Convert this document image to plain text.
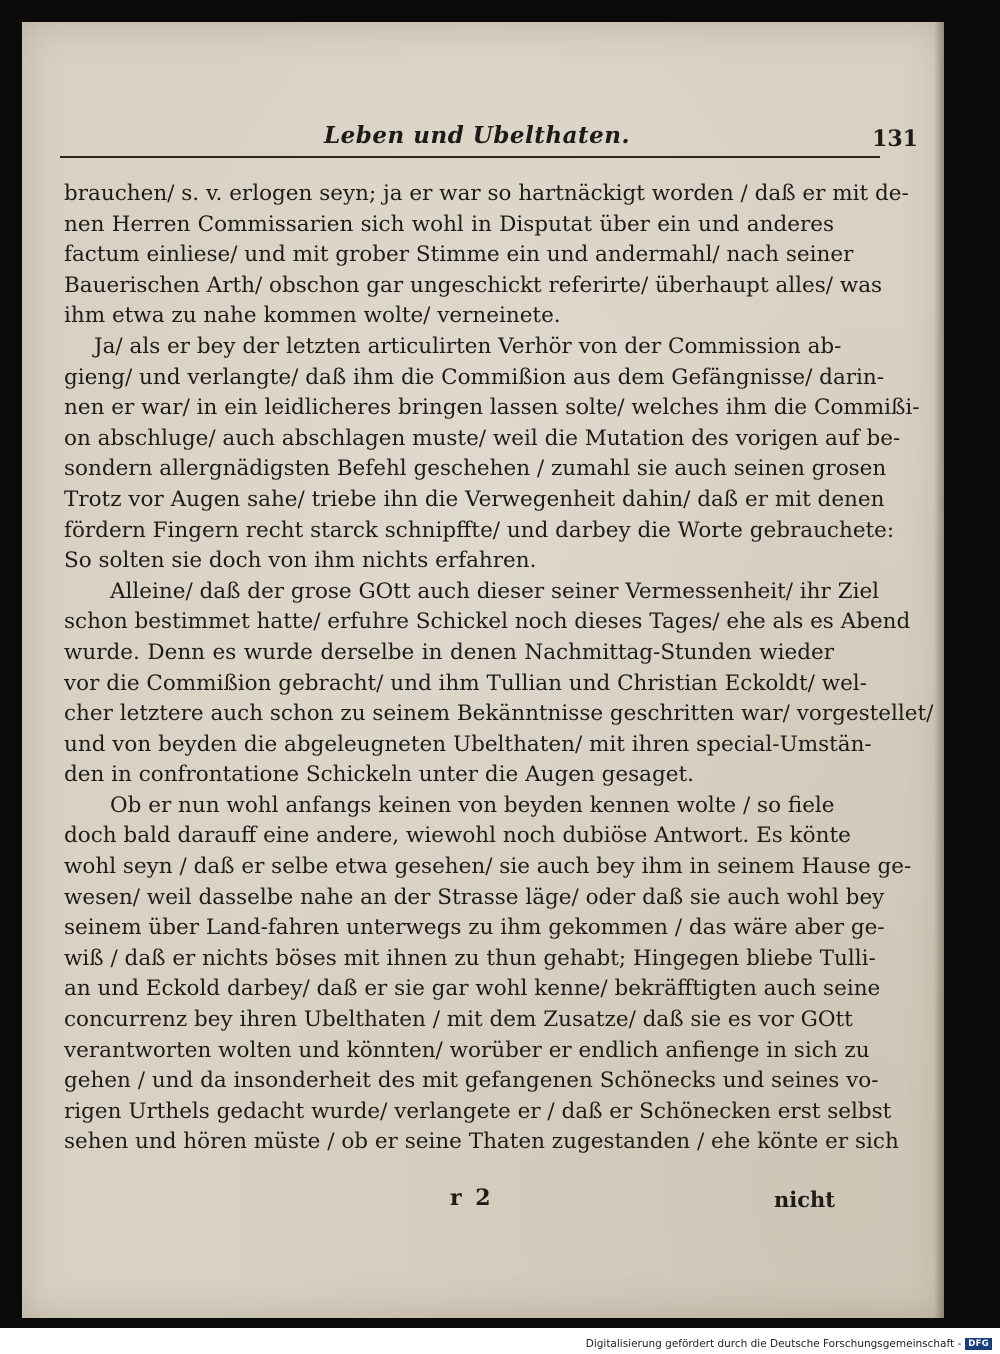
Leben und Ubelthaten.	131
brauchen/ s. v. erlogen seyn; ja er war so hartnäckigt worden / daß er mit de-
nen Herren Commissarien sich wohl in Disputat über ein und anderes
factum einliese/ und mit grober Stimme ein und andermahl/ nach seiner
Bauerischen Arth/ obschon gar ungeschickt referirte/ überhaupt alles/ was
ihm etwa zu nahe kommen wolte/ verneinete.
Ja/ als er bey der letzten articulirten Verhör von der Commission ab-
gieng/ und verlangte/ daß ihm die Commißion aus dem Gefängnisse/ darin-
nen er war/ in ein leidlicheres bringen lassen solte/ welches ihm die Commißi-
on abschluge/ auch abschlagen muste/ weil die Mutation des vorigen auf be-
sondern allergnädigsten Befehl geschehen / zumahl sie auch seinen grosen
Trotz vor Augen sahe/ triebe ihn die Verwegenheit dahin/ daß er mit denen
fördern Fingern recht starck schnipffte/ und darbey die Worte gebrauchete:
So solten sie doch von ihm nichts erfahren.
Alleine/ daß der grose GOtt auch dieser seiner Vermessenheit/ ihr Ziel
schon bestimmet hatte/ erfuhre Schickel noch dieses Tages/ ehe als es Abend
wurde. Denn es wurde derselbe in denen Nachmittag-Stunden wieder
vor die Commißion gebracht/ und ihm Tullian und Christian Eckoldt/ wel-
cher letztere auch schon zu seinem Bekänntnisse geschritten war/ vorgestellet/
und von beyden die abgeleugneten Ubelthaten/ mit ihren special-Umstän-
den in confrontatione Schickeln unter die Augen gesaget.
Ob er nun wohl anfangs keinen von beyden kennen wolte / so fiele
doch bald darauff eine andere, wiewohl noch dubiöse Antwort. Es könte
wohl seyn / daß er selbe etwa gesehen/ sie auch bey ihm in seinem Hause ge-
wesen/ weil dasselbe nahe an der Strasse läge/ oder daß sie auch wohl bey
seinem über Land-fahren unterwegs zu ihm gekommen / das wäre aber ge-
wiß / daß er nichts böses mit ihnen zu thun gehabt; Hingegen bliebe Tulli-
an und Eckold darbey/ daß er sie gar wohl kenne/ bekräfftigten auch seine
concurrenz bey ihren Ubelthaten / mit dem Zusatze/ daß sie es vor GOtt
verantworten wolten und könnten/ worüber er endlich anfienge in sich zu
gehen / und da insonderheit des mit gefangenen Schönecks und seines vo-
rigen Urthels gedacht wurde/ verlangete er / daß er Schönecken erst selbst
sehen und hören müste / ob er seine Thaten zugestanden / ehe könte er sich
r 2	nicht
Digitalisierung gefördert durch die Deutsche Forschungsgemeinschaft - DFG
